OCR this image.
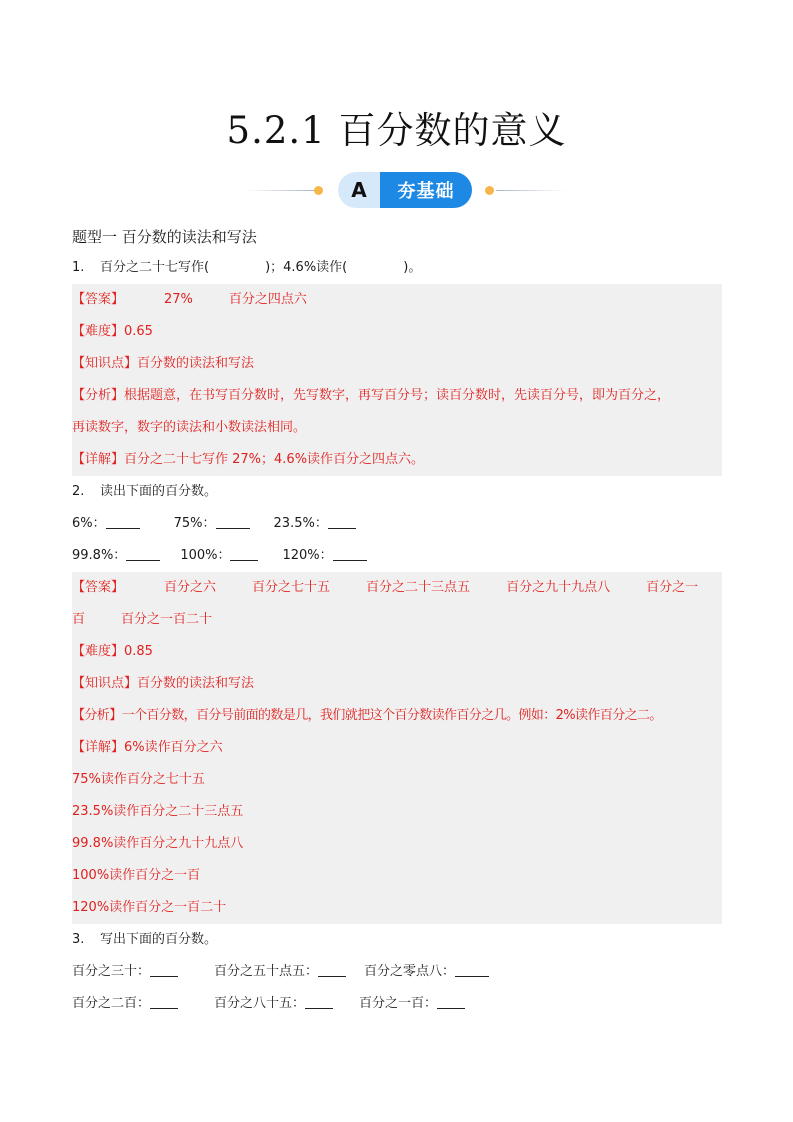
5.2.1 百分数的意义
A	夯基础
题型一 百分数的读法和写法
1. 百分之二十七写作(	)；4.6%读作(	)。
【答案】	27%	百分之四点六
【难度】0.65
【知识点】百分数的读法和写法
【分析】根据题意，在书写百分数时，先写数字，再写百分号；读百分数时，先读百分号，即为百分之，
再读数字，数字的读法和小数读法相同。
【详解】百分之二十七写作 27%；4.6%读作百分之四点六。
2. 读出下面的百分数。
6%：	75%：	23.5%：
99.8%：	100%：	120%：
【答案】	百分之六	百分之七十五	百分之二十三点五	百分之九十九点八	百分之一
百	百分之一百二十
【难度】0.85
【知识点】百分数的读法和写法
【分析】一个百分数，百分号前面的数是几，我们就把这个百分数读作百分之几。例如：2%读作百分之二。
【详解】6%读作百分之六
75%读作百分之七十五
23.5%读作百分之二十三点五
99.8%读作百分之九十九点八
100%读作百分之一百
120%读作百分之一百二十
3. 写出下面的百分数。
百分之三十：	百分之五十点五：	百分之零点八：
百分之二百：	百分之八十五：	百分之一百：
